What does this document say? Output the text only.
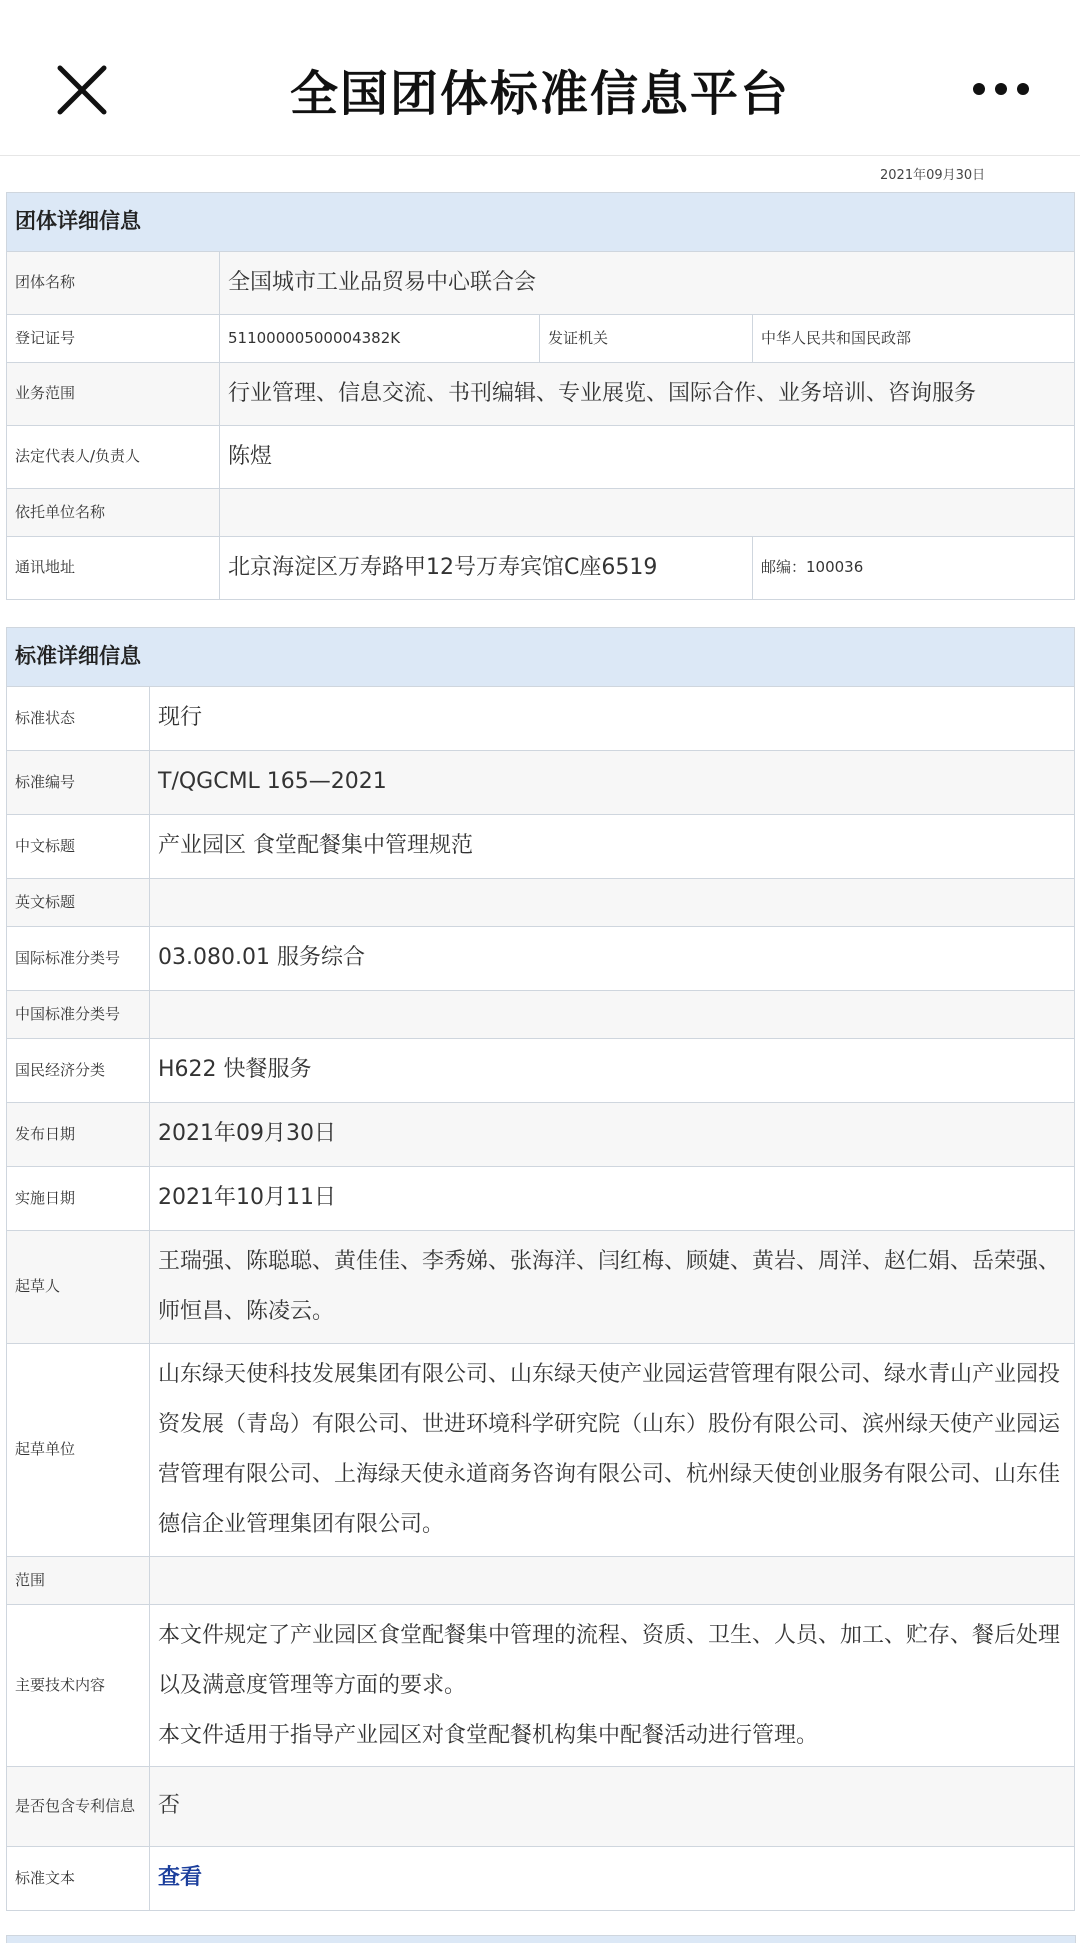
全国团体标准信息平台
2021年09月30日
团体详细信息			
团体名称	全国城市工业品贸易中心联合会		
登记证号	51100000500004382K	发证机关	中华人民共和国民政部
业务范围	行业管理、信息交流、书刊编辑、专业展览、国际合作、业务培训、咨询服务		
法定代表人/负责人	陈煜		
依托单位名称			
通讯地址	北京海淀区万寿路甲12号万寿宾馆C座6519		邮编：100036
标准详细信息	
标准状态	现行
标准编号	T/QGCML 165—2021
中文标题	产业园区 食堂配餐集中管理规范
英文标题	
国际标准分类号	03.080.01 服务综合
中国标准分类号	
国民经济分类	H622 快餐服务
发布日期	2021年09月30日
实施日期	2021年10月11日
起草人	王瑞强、陈聪聪、黄佳佳、李秀娣、张海洋、闫红梅、顾婕、黄岩、周洋、赵仁娟、岳荣强、师恒昌、陈凌云。
起草单位	山东绿天使科技发展集团有限公司、山东绿天使产业园运营管理有限公司、绿水青山产业园投资发展（青岛）有限公司、世进环境科学研究院（山东）股份有限公司、滨州绿天使产业园运营管理有限公司、上海绿天使永道商务咨询有限公司、杭州绿天使创业服务有限公司、山东佳德信企业管理集团有限公司。
范围	
主要技术内容	本文件规定了产业园区食堂配餐集中管理的流程、资质、卫生、人员、加工、贮存、餐后处理以及满意度管理等方面的要求。
本文件适用于指导产业园区对食堂配餐机构集中配餐活动进行管理。

是否包含专利信息	否
标准文本	查看
